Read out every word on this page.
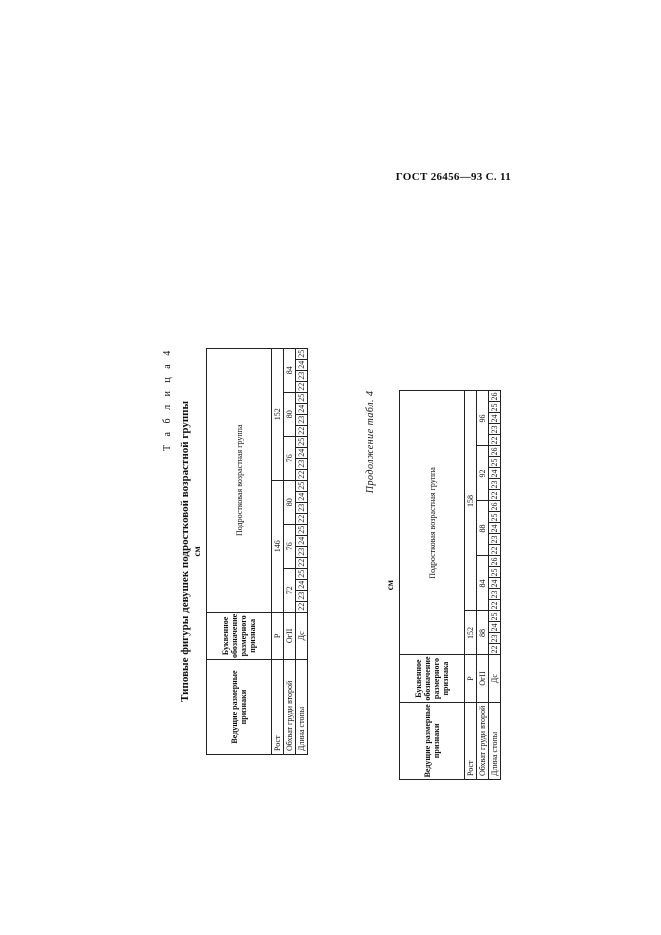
ГОСТ 26456—93 С. 11
Т а б л и ц а 4
Типовые фигуры девушек подростковой возрастной группы см
Ведущие размерные признаки	Буквенное обозначение размерного признака	Подростковая возрастная группа																							
Рост	Р	146												152											
Обхват груди второй	ОгII	72				76				80				76				80				84			
Длина стопы	Дс	22	23	24	25	22	23	24	25	22	23	24	25	22	23	24	25	22	23	24	25	22	23	24	25
Продолжение табл. 4
см
Ведущие размерные признаки	Буквенное обозначение размерного признака	Подростковая возрастная группа																							
Рост	Р	152				158																			
Обхват груди второй	ОгII	88				84					88					92					96				
Длина стопы	Дс	22	23	24	25	22	23	24	25	26	22	23	24	25	26	22	23	24	25	26	22	23	24	25	26
